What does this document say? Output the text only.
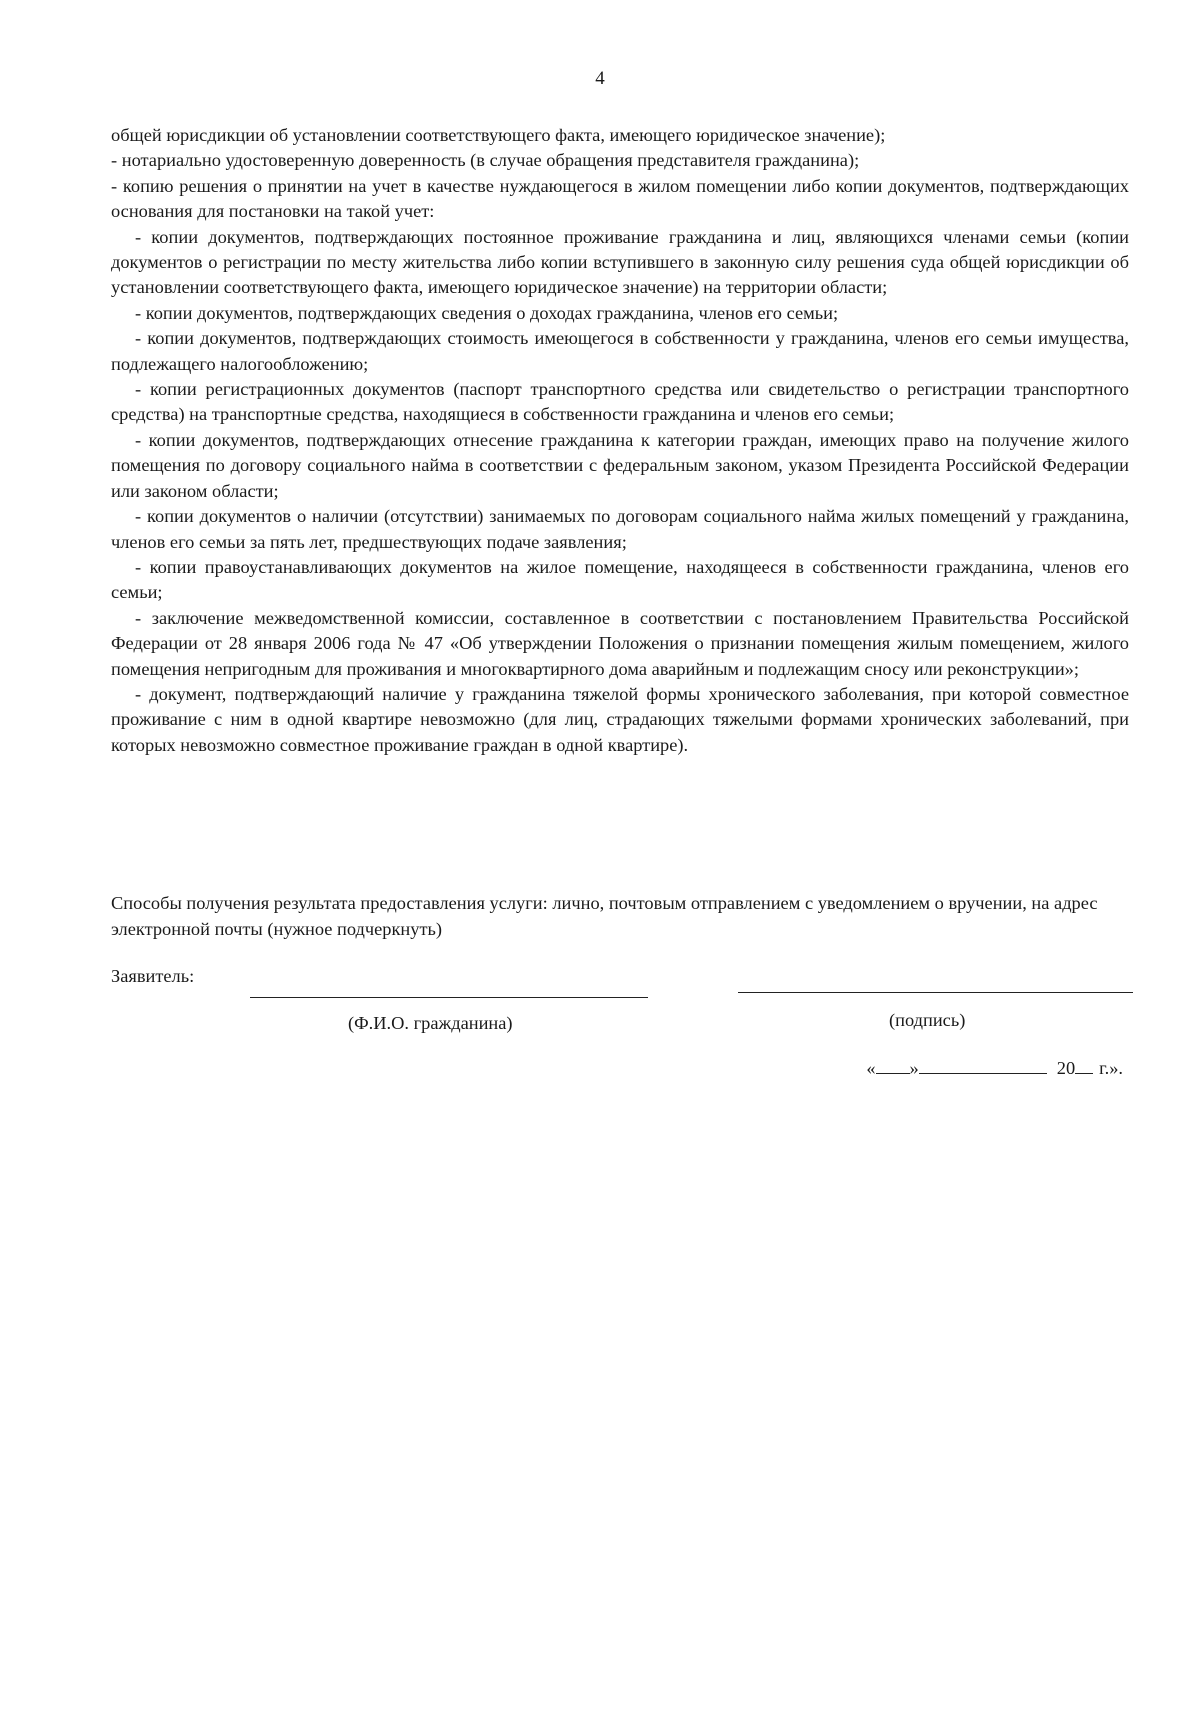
4

общей юрисдикции об установлении соответствующего факта, имеющего юридическое значение);

- нотариально удостоверенную доверенность (в случае обращения представителя гражданина);

- копию решения о принятии на учет в качестве нуждающегося в жилом помещении либо копии документов, подтверждающих основания для постановки на такой учет:

- копии документов, подтверждающих постоянное проживание гражданина и лиц, являющихся членами семьи (копии документов о регистрации по месту жительства либо копии вступившего в законную силу решения суда общей юрисдикции об установлении соответствующего факта, имеющего юридическое значение) на территории области;

- копии документов, подтверждающих сведения о доходах гражданина, членов его семьи;

- копии документов, подтверждающих стоимость имеющегося в собственности у гражданина, членов его семьи имущества, подлежащего налогообложению;

- копии регистрационных документов (паспорт транспортного средства или свидетельство о регистрации транспортного средства) на транспортные средства, находящиеся в собственности гражданина и членов его семьи;

- копии документов, подтверждающих отнесение гражданина к категории граждан, имеющих право на получение жилого помещения по договору социального найма в соответствии с федеральным законом, указом Президента Российской Федерации или законом области;

- копии документов о наличии (отсутствии) занимаемых по договорам социального найма жилых помещений у гражданина, членов его семьи за пять лет, предшествующих подаче заявления;

- копии правоустанавливающих документов на жилое помещение, находящееся в собственности гражданина, членов его семьи;

- заключение межведомственной комиссии, составленное в соответствии с постановлением Правительства Российской Федерации от 28 января 2006 года № 47 «Об утверждении Положения о признании помещения жилым помещением, жилого помещения непригодным для проживания и многоквартирного дома аварийным и подлежащим сносу или реконструкции»;

- документ, подтверждающий наличие у гражданина тяжелой формы хронического заболевания, при которой совместное проживание с ним в одной квартире невозможно (для лиц, страдающих тяжелыми формами хронических заболеваний, при которых невозможно совместное проживание граждан в одной квартире).

Способы получения результата предоставления услуги: лично, почтовым отправлением с уведомлением о вручении, на адрес электронной почты (нужное подчеркнуть)

Заявитель:

(Ф.И.О. гражданина)	(подпись)

« »	20 г.».
